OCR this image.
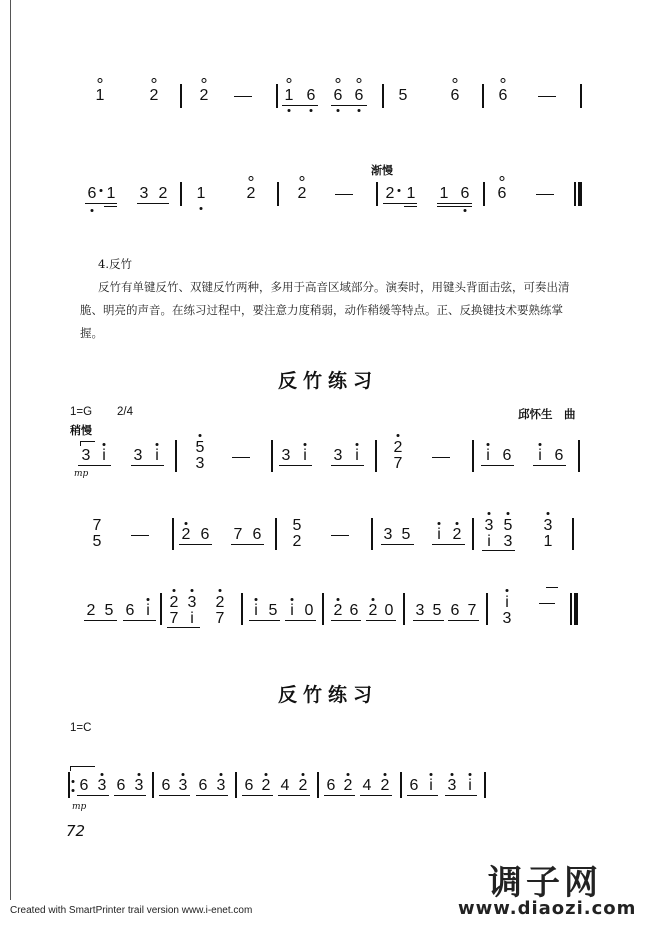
1	2	2	1 6 6 6 5	6 6
渐慢
6 1 3 2 1	2	2	2 1 1 6 6
4.反竹
反竹有单键反竹、双键反竹两种，多用于高音区域部分。演奏时，用键头背面击弦，可奏出清
脆、明亮的声音。在练习过程中，要注意力度稍弱，动作稍缓等特点。正、反换键技术要熟练掌
握。
反竹练习
1=G 2/4	邱怀生　曲
稍慢
3 i
mp
3 i 5
3	3 i 3 i 2
7	i 6 i 6
7
5	2 6 7 6
5
2	3 5 i 2
3 5
i 3
3
1
2 5 6 i 2 3
7 i
2
7 i 5 i 0 2 6 2 0 3 5 6 7 i
3
反竹练习
1=C
6 3 6 3
mp
6 3 6 3 6 2 4 2 6 2 4 2 6 i 3 i
72
调子网
www.diaozi.com
Created with SmartPrinter trail version www.i-enet.com
